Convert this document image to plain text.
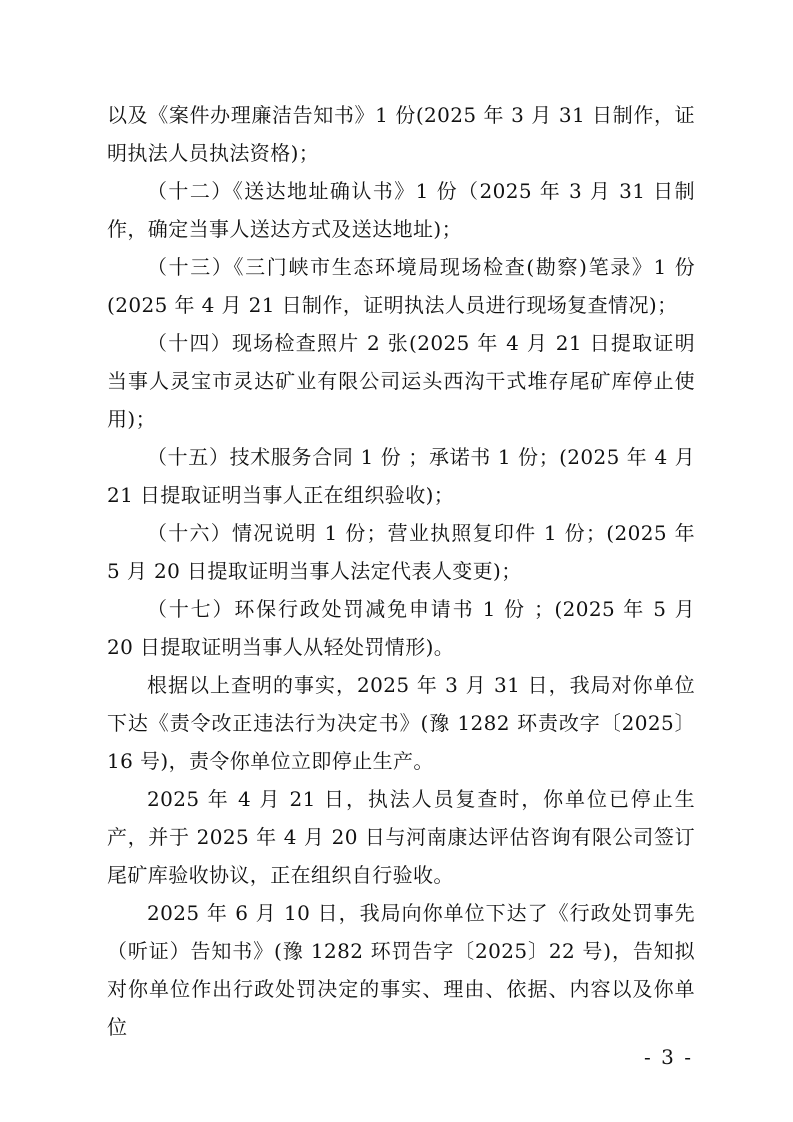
以及《案件办理廉洁告知书》1 份(2025 年 3 月 31 日制作，证明执法人员执法资格)；

（十二）《送达地址确认书》1 份（2025 年 3 月 31 日制作，确定当事人送达方式及送达地址)；

（十三）《三门峡市生态环境局现场检查(勘察)笔录》1 份(2025 年 4 月 21 日制作，证明执法人员进行现场复查情况)；

（十四）现场检查照片 2 张(2025 年 4 月 21 日提取证明当事人灵宝市灵达矿业有限公司运头西沟干式堆存尾矿库停止使用)；

（十五）技术服务合同 1 份 ；承诺书 1 份；(2025 年 4 月 21 日提取证明当事人正在组织验收)；

（十六）情况说明 1 份；营业执照复印件 1 份；(2025 年 5 月 20 日提取证明当事人法定代表人变更)；

（十七）环保行政处罚减免申请书 1 份 ；(2025 年 5 月 20 日提取证明当事人从轻处罚情形)。

根据以上查明的事实，2025 年 3 月 31 日，我局对你单位下达《责令改正违法行为决定书》(豫 1282 环责改字〔2025〕16 号)，责令你单位立即停止生产。

2025 年 4 月 21 日，执法人员复查时，你单位已停止生产，并于 2025 年 4 月 20 日与河南康达评估咨询有限公司签订尾矿库验收协议，正在组织自行验收。

2025 年 6 月 10 日，我局向你单位下达了《行政处罚事先（听证）告知书》(豫 1282 环罚告字〔2025〕22 号)，告知拟对你单位作出行政处罚决定的事实、理由、依据、内容以及你单位

- 3 -
